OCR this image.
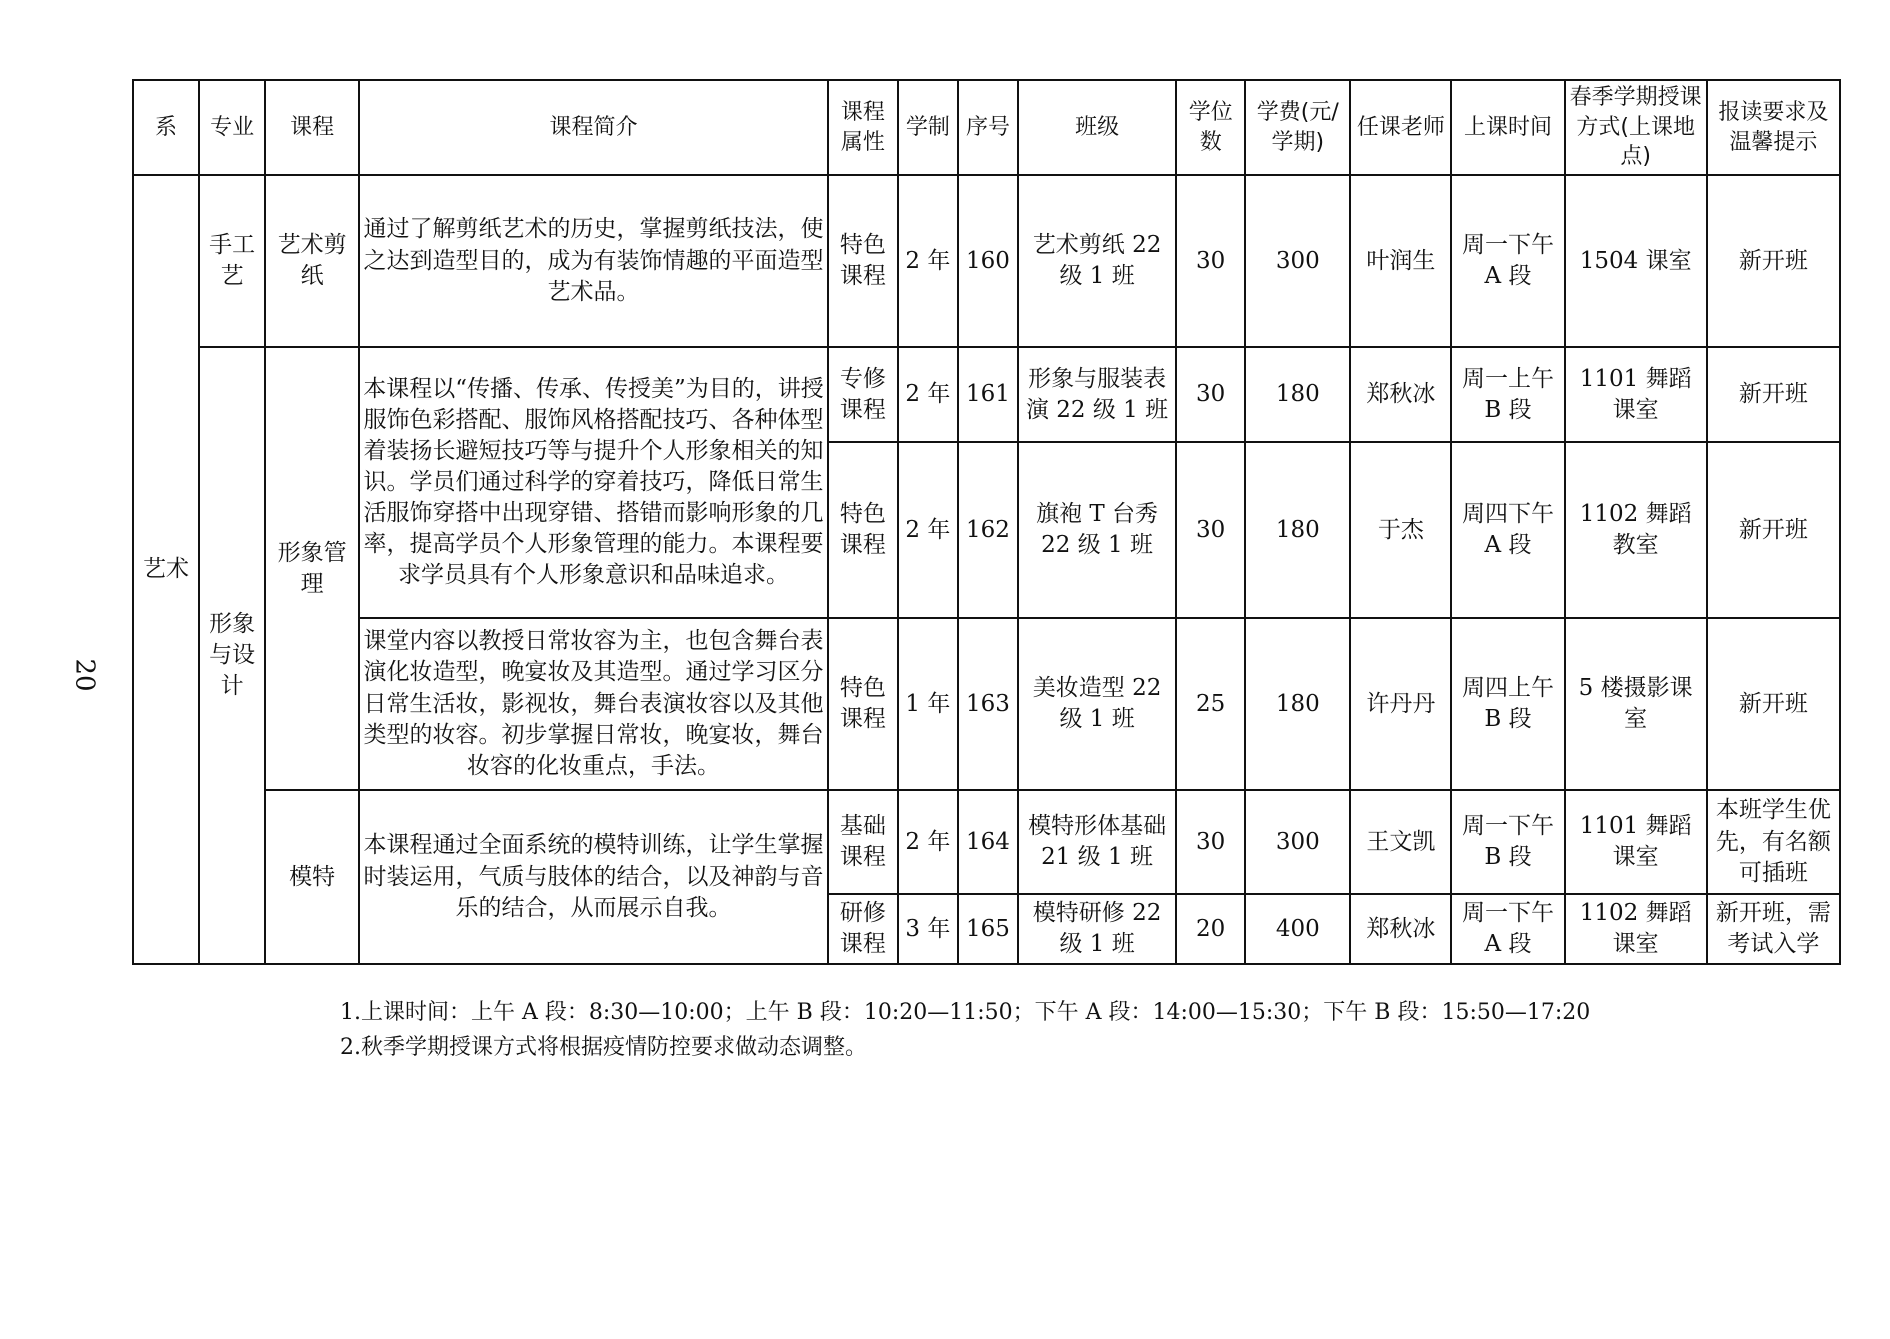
20
系	专业	课程	课程简介	课程属性	学制	序号	班级	学位数	学费(元/学期)	任课老师	上课时间	春季学期授课方式(上课地点)	报读要求及温馨提示
艺术	手工艺	艺术剪纸	通过了解剪纸艺术的历史，掌握剪纸技法，使之达到造型目的，成为有装饰情趣的平面造型艺术品。	特色课程	2 年	160	艺术剪纸 22 级 1 班	30	300	叶润生	周一下午 A 段	1504 课室	新开班
	形象与设计	形象管理	本课程以“传播、传承、传授美”为目的，讲授服饰色彩搭配、服饰风格搭配技巧、各种体型着装扬长避短技巧等与提升个人形象相关的知识。学员们通过科学的穿着技巧，降低日常生活服饰穿搭中出现穿错、搭错而影响形象的几率，提高学员个人形象管理的能力。本课程要求学员具有个人形象意识和品味追求。	专修课程	2 年	161	形象与服装表演 22 级 1 班	30	180	郑秋冰	周一上午 B 段	1101 舞蹈课室	新开班
				特色课程	2 年	162	旗袍 T 台秀 22 级 1 班	30	180	于杰	周四下午 A 段	1102 舞蹈教室	新开班
			课堂内容以教授日常妆容为主，也包含舞台表演化妆造型，晚宴妆及其造型。通过学习区分日常生活妆，影视妆，舞台表演妆容以及其他类型的妆容。初步掌握日常妆，晚宴妆，舞台妆容的化妆重点，手法。	特色课程	1 年	163	美妆造型 22 级 1 班	25	180	许丹丹	周四上午 B 段	5 楼摄影课室	新开班
		模特	本课程通过全面系统的模特训练，让学生掌握时装运用，气质与肢体的结合，以及神韵与音乐的结合，从而展示自我。	基础课程	2 年	164	模特形体基础 21 级 1 班	30	300	王文凯	周一下午 B 段	1101 舞蹈课室	本班学生优先，有名额可插班
				研修课程	3 年	165	模特研修 22 级 1 班	20	400	郑秋冰	周一下午 A 段	1102 舞蹈课室	新开班，需考试入学
1.上课时间：上午 A 段：8:30—10:00；上午 B 段：10:20—11:50；下午 A 段：14:00—15:30；下午 B 段：15:50—17:20
2.秋季学期授课方式将根据疫情防控要求做动态调整。
